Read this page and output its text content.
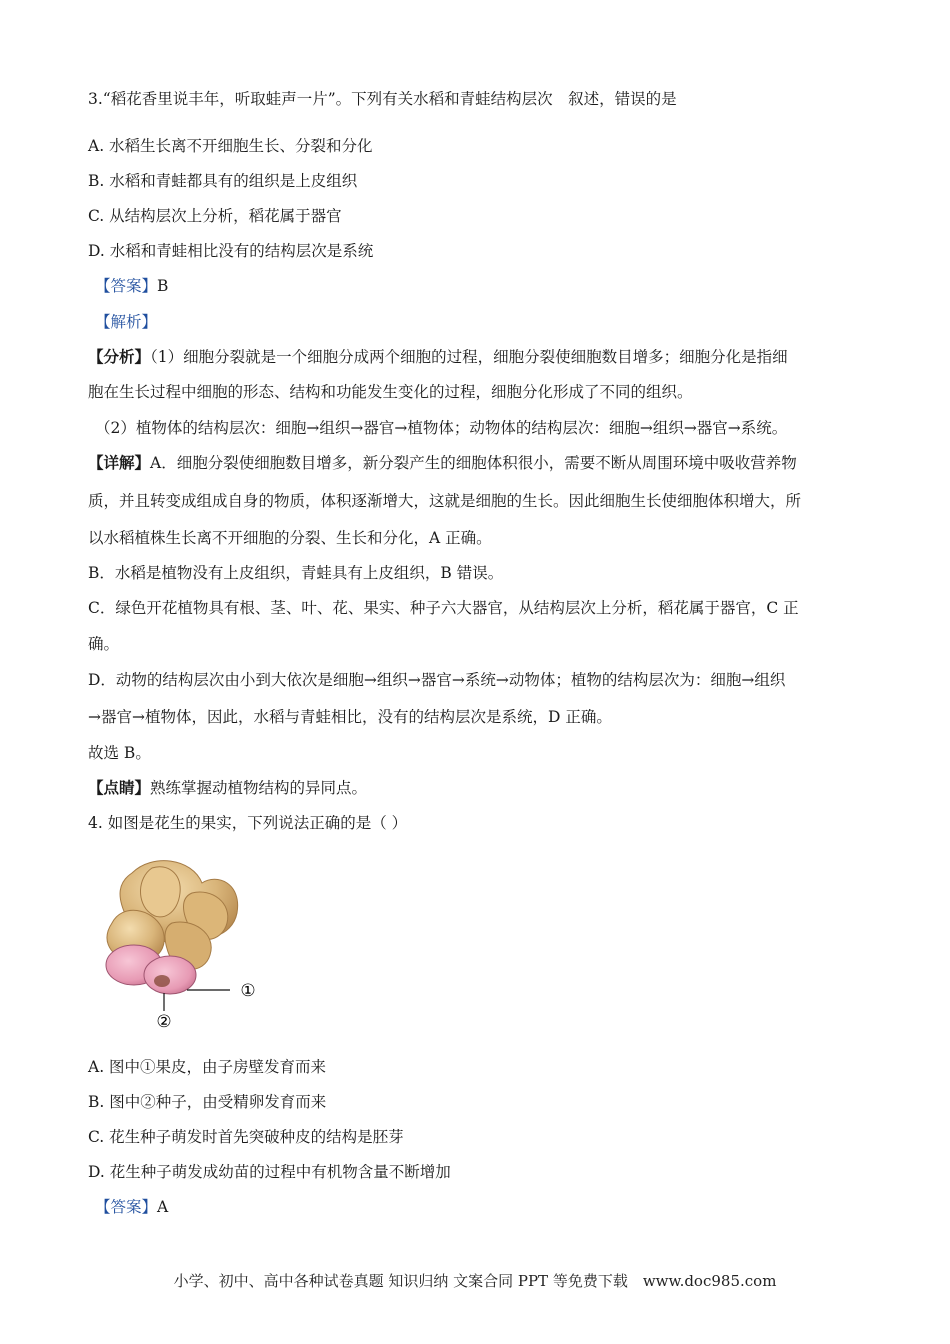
3.“稻花香里说丰年，听取蛙声一片”。下列有关水稻和青蛙结构层次　叙述，错误的是
A. 水稻生长离不开细胞生长、分裂和分化
B. 水稻和青蛙都具有的组织是上皮组织
C. 从结构层次上分析，稻花属于器官
D. 水稻和青蛙相比没有的结构层次是系统
【答案】B
【解析】
【分析】（1）细胞分裂就是一个细胞分成两个细胞的过程，细胞分裂使细胞数目增多；细胞分化是指细
胞在生长过程中细胞的形态、结构和功能发生变化的过程，细胞分化形成了不同的组织。
（2）植物体的结构层次：细胞→组织→器官→植物体；动物体的结构层次：细胞→组织→器官→系统。
【详解】A．细胞分裂使细胞数目增多，新分裂产生的细胞体积很小，需要不断从周围环境中吸收营养物
质，并且转变成组成自身的物质，体积逐渐增大，这就是细胞的生长。因此细胞生长使细胞体积增大，所
以水稻植株生长离不开细胞的分裂、生长和分化，A 正确。
B．水稻是植物没有上皮组织，青蛙具有上皮组织，B 错误。
C．绿色开花植物具有根、茎、叶、花、果实、种子六大器官，从结构层次上分析，稻花属于器官，C 正
确。
D．动物的结构层次由小到大依次是细胞→组织→器官→系统→动物体；植物的结构层次为：细胞→组织
→器官→植物体，因此，水稻与青蛙相比，没有的结构层次是系统，D 正确。
故选 B。
【点睛】熟练掌握动植物结构的异同点。
4. 如图是花生的果实，下列说法正确的是（ ）
①
②
A. 图中①果皮，由子房壁发育而来
B. 图中②种子，由受精卵发育而来
C. 花生种子萌发时首先突破种皮的结构是胚芽
D. 花生种子萌发成幼苗的过程中有机物含量不断增加
【答案】A
小学、初中、高中各种试卷真题 知识归纳 文案合同 PPT 等免费下载　www.doc985.com
